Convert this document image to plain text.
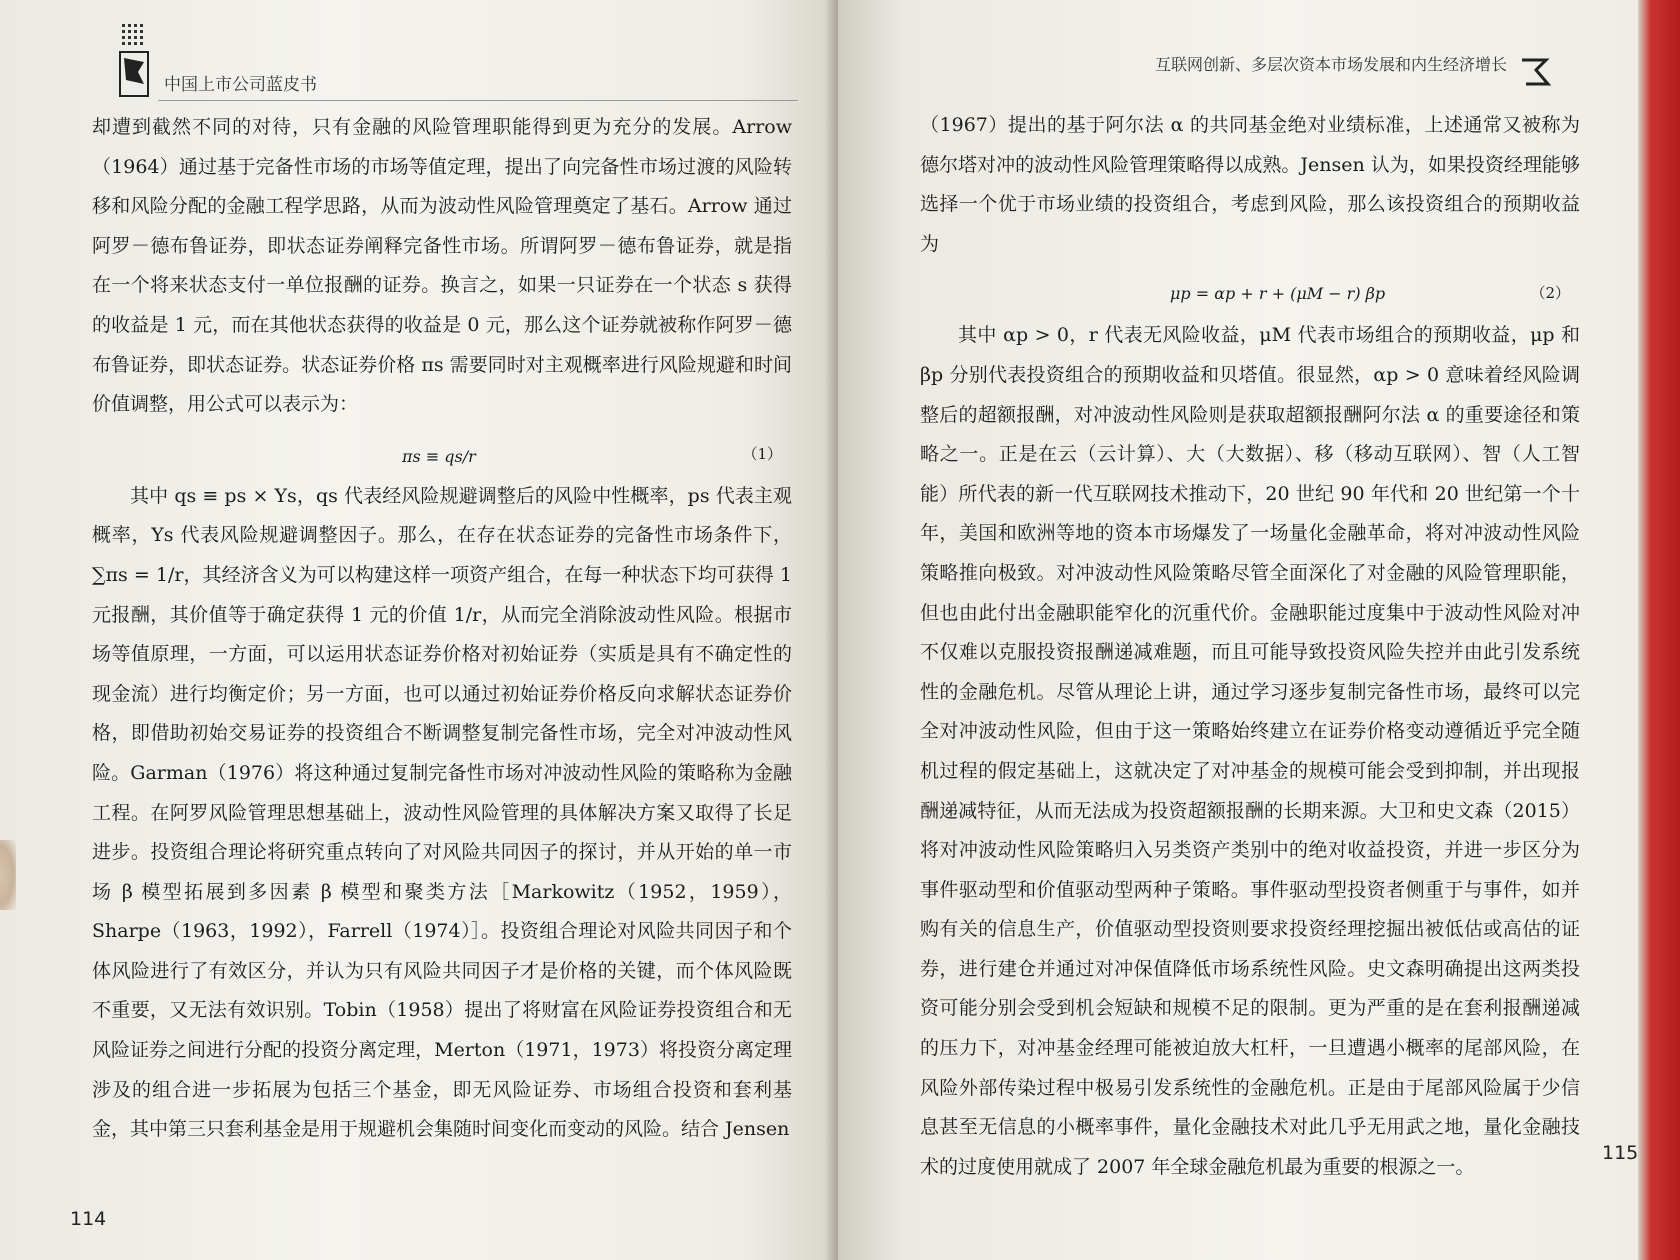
中国上市公司蓝皮书

却遭到截然不同的对待，只有金融的风险管理职能得到更为充分的发展。Arrow（1964）通过基于完备性市场的市场等值定理，提出了向完备性市场过渡的风险转移和风险分配的金融工程学思路，从而为波动性风险管理奠定了基石。Arrow 通过阿罗－德布鲁证券，即状态证券阐释完备性市场。所谓阿罗－德布鲁证券，就是指在一个将来状态支付一单位报酬的证券。换言之，如果一只证券在一个状态 s 获得的收益是 1 元，而在其他状态获得的收益是 0 元，那么这个证券就被称作阿罗－德布鲁证券，即状态证券。状态证券价格 πs 需要同时对主观概率进行风险规避和时间价值调整，用公式可以表示为：

πs ≡ qs/r	（1）

其中 qs ≡ ps × Ys，qs 代表经风险规避调整后的风险中性概率，ps 代表主观概率，Ys 代表风险规避调整因子。那么，在存在状态证券的完备性市场条件下，∑πs = 1/r，其经济含义为可以构建这样一项资产组合，在每一种状态下均可获得 1 元报酬，其价值等于确定获得 1 元的价值 1/r，从而完全消除波动性风险。根据市场等值原理，一方面，可以运用状态证券价格对初始证券（实质是具有不确定性的现金流）进行均衡定价；另一方面，也可以通过初始证券价格反向求解状态证券价格，即借助初始交易证券的投资组合不断调整复制完备性市场，完全对冲波动性风险。Garman（1976）将这种通过复制完备性市场对冲波动性风险的策略称为金融工程。在阿罗风险管理思想基础上，波动性风险管理的具体解决方案又取得了长足进步。投资组合理论将研究重点转向了对风险共同因子的探讨，并从开始的单一市场 β 模型拓展到多因素 β 模型和聚类方法［Markowitz（1952，1959），Sharpe（1963，1992），Farrell（1974）］。投资组合理论对风险共同因子和个体风险进行了有效区分，并认为只有风险共同因子才是价格的关键，而个体风险既不重要，又无法有效识别。Tobin（1958）提出了将财富在风险证券投资组合和无风险证券之间进行分配的投资分离定理，Merton（1971，1973）将投资分离定理涉及的组合进一步拓展为包括三个基金，即无风险证券、市场组合投资和套利基金，其中第三只套利基金是用于规避机会集随时间变化而变动的风险。结合 Jensen

114
互联网创新、多层次资本市场发展和内生经济增长

（1967）提出的基于阿尔法 α 的共同基金绝对业绩标准，上述通常又被称为德尔塔对冲的波动性风险管理策略得以成熟。Jensen 认为，如果投资经理能够选择一个优于市场业绩的投资组合，考虑到风险，那么该投资组合的预期收益为

μp = αp + r + (μM − r) βp	（2）

其中 αp > 0，r 代表无风险收益，μM 代表市场组合的预期收益，μp 和 βp 分别代表投资组合的预期收益和贝塔值。很显然，αp > 0 意味着经风险调整后的超额报酬，对冲波动性风险则是获取超额报酬阿尔法 α 的重要途径和策略之一。正是在云（云计算）、大（大数据）、移（移动互联网）、智（人工智能）所代表的新一代互联网技术推动下，20 世纪 90 年代和 20 世纪第一个十年，美国和欧洲等地的资本市场爆发了一场量化金融革命，将对冲波动性风险策略推向极致。对冲波动性风险策略尽管全面深化了对金融的风险管理职能，但也由此付出金融职能窄化的沉重代价。金融职能过度集中于波动性风险对冲不仅难以克服投资报酬递减难题，而且可能导致投资风险失控并由此引发系统性的金融危机。尽管从理论上讲，通过学习逐步复制完备性市场，最终可以完全对冲波动性风险，但由于这一策略始终建立在证券价格变动遵循近乎完全随机过程的假定基础上，这就决定了对冲基金的规模可能会受到抑制，并出现报酬递减特征，从而无法成为投资超额报酬的长期来源。大卫和史文森（2015）将对冲波动性风险策略归入另类资产类别中的绝对收益投资，并进一步区分为事件驱动型和价值驱动型两种子策略。事件驱动型投资者侧重于与事件，如并购有关的信息生产，价值驱动型投资则要求投资经理挖掘出被低估或高估的证券，进行建仓并通过对冲保值降低市场系统性风险。史文森明确提出这两类投资可能分别会受到机会短缺和规模不足的限制。更为严重的是在套利报酬递减的压力下，对冲基金经理可能被迫放大杠杆，一旦遭遇小概率的尾部风险，在风险外部传染过程中极易引发系统性的金融危机。正是由于尾部风险属于少信息甚至无信息的小概率事件，量化金融技术对此几乎无用武之地，量化金融技术的过度使用就成了 2007 年全球金融危机最为重要的根源之一。

115
